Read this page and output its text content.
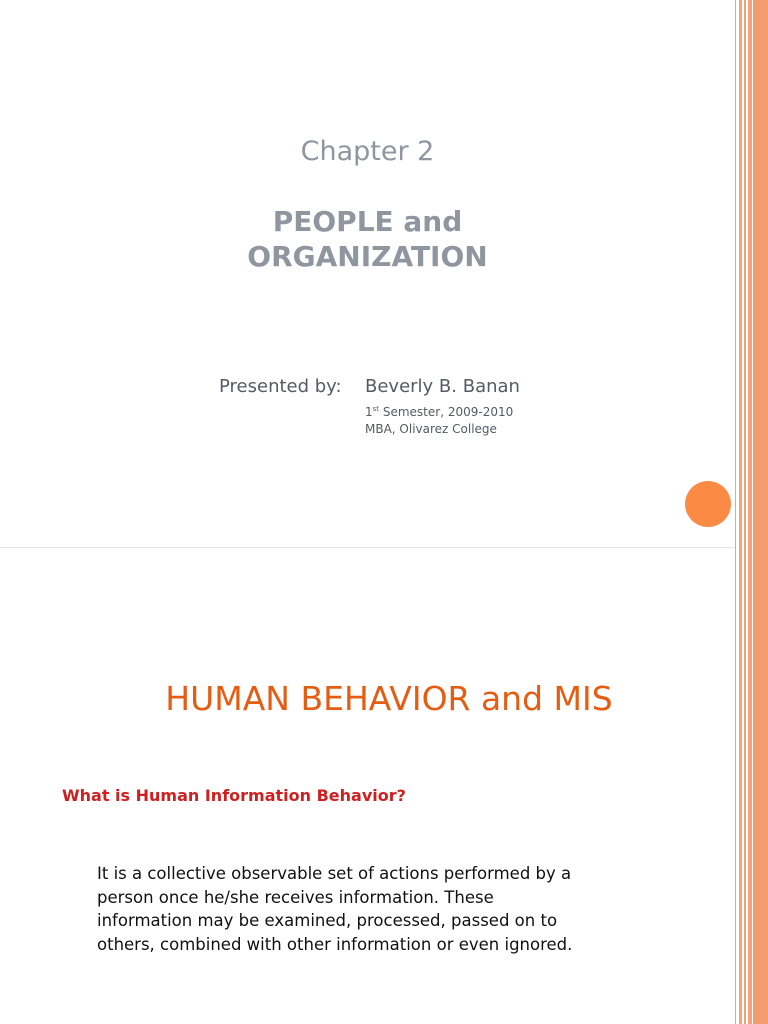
Chapter 2
PEOPLE and
ORGANIZATION
Presented by: Beverly B. Banan
1st Semester, 2009-2010
MBA, Olivarez College
HUMAN BEHAVIOR and MIS
What is Human Information Behavior?
It is a collective observable set of actions performed by a
person once he/she receives information. These
information may be examined, processed, passed on to
others, combined with other information or even ignored.
